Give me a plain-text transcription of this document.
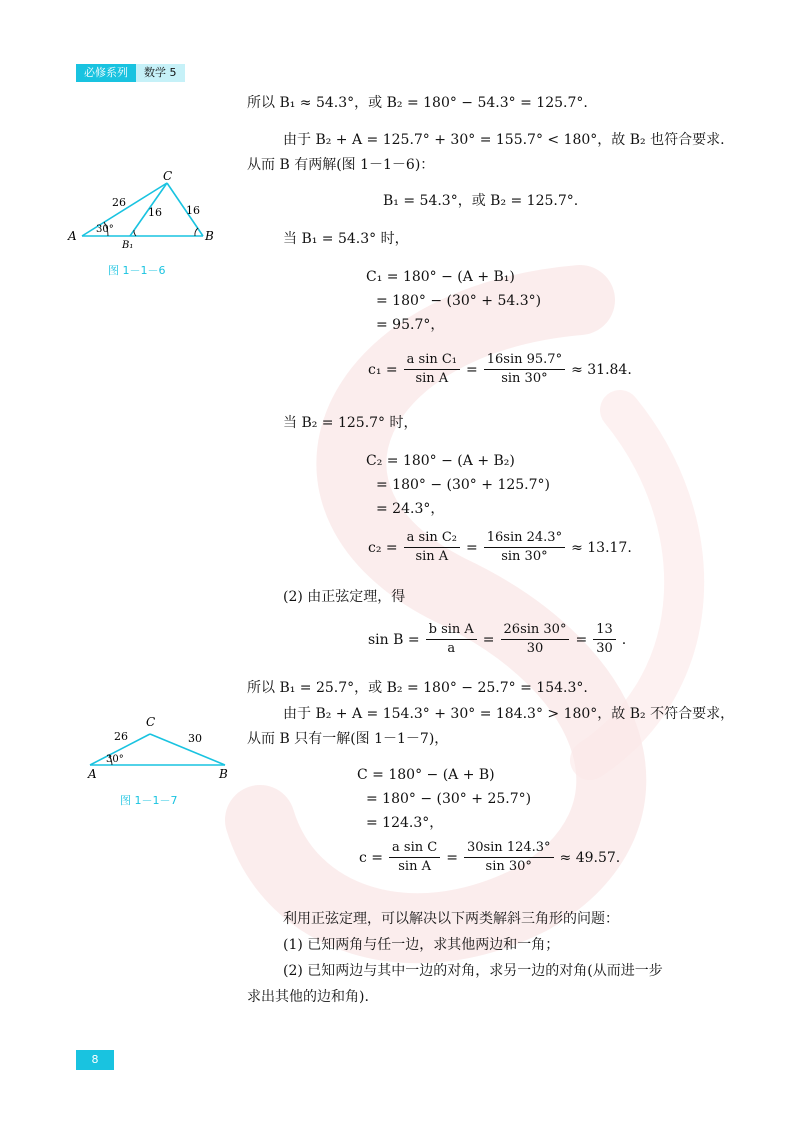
必修系列	数学 5
所以 B₁ ≈ 54.3°，或 B₂ = 180° − 54.3° = 125.7°.
由于 B₂ + A = 125.7° + 30° = 155.7° < 180°，故 B₂ 也符合要求.
从而 B 有两解(图 1－1－6)：
B₁ = 54.3°，或 B₂ = 125.7°.
当 B₁ = 54.3° 时，
C₁ = 180° − (A + B₁)
= 180° − (30° + 54.3°)
= 95.7°，
$c_1 = \frac{\text{a sin C₁}}{\text{sin A}} = \frac{16\sin 95.7^\circ}{\sin 30^\circ} \approx 31.84$.
当 B₂ = 125.7° 时，
C₂ = 180° − (A + B₂)
= 180° − (30° + 125.7°)
= 24.3°，
$c_2 = \frac{\text{a sin C₂}}{\text{sin A}} = \frac{16\sin 24.3^\circ}{\sin 30^\circ} \approx 13.17$.
(2) 由正弦定理，得
$\sin B = \frac{\text{b sin A}}{a} = \frac{26\sin 30^\circ}{30} = \frac{13}{30}$ .
所以 B₁ = 25.7°，或 B₂ = 180° − 25.7° = 154.3°.
由于 B₂ + A = 154.3° + 30° = 184.3° > 180°，故 B₂ 不符合要求，
从而 B 只有一解(图 1－1－7)，
C = 180° − (A + B)
= 180° − (30° + 25.7°)
= 124.3°，
$c = \frac{\text{a sin C}}{\text{sin A}} = \frac{30\sin 124.3^\circ}{\sin 30^\circ} \approx 49.57$.
利用正弦定理，可以解决以下两类解斜三角形的问题：
(1) 已知两角与任一边，求其他两边和一角；
(2) 已知两边与其中一边的对角，求另一边的对角(从而进一步
求出其他的边和角).
A	B
C
B₁
26
16 16
30°
图 1－1－6
A	B
C
26	30
30°
图 1－1－7
8
